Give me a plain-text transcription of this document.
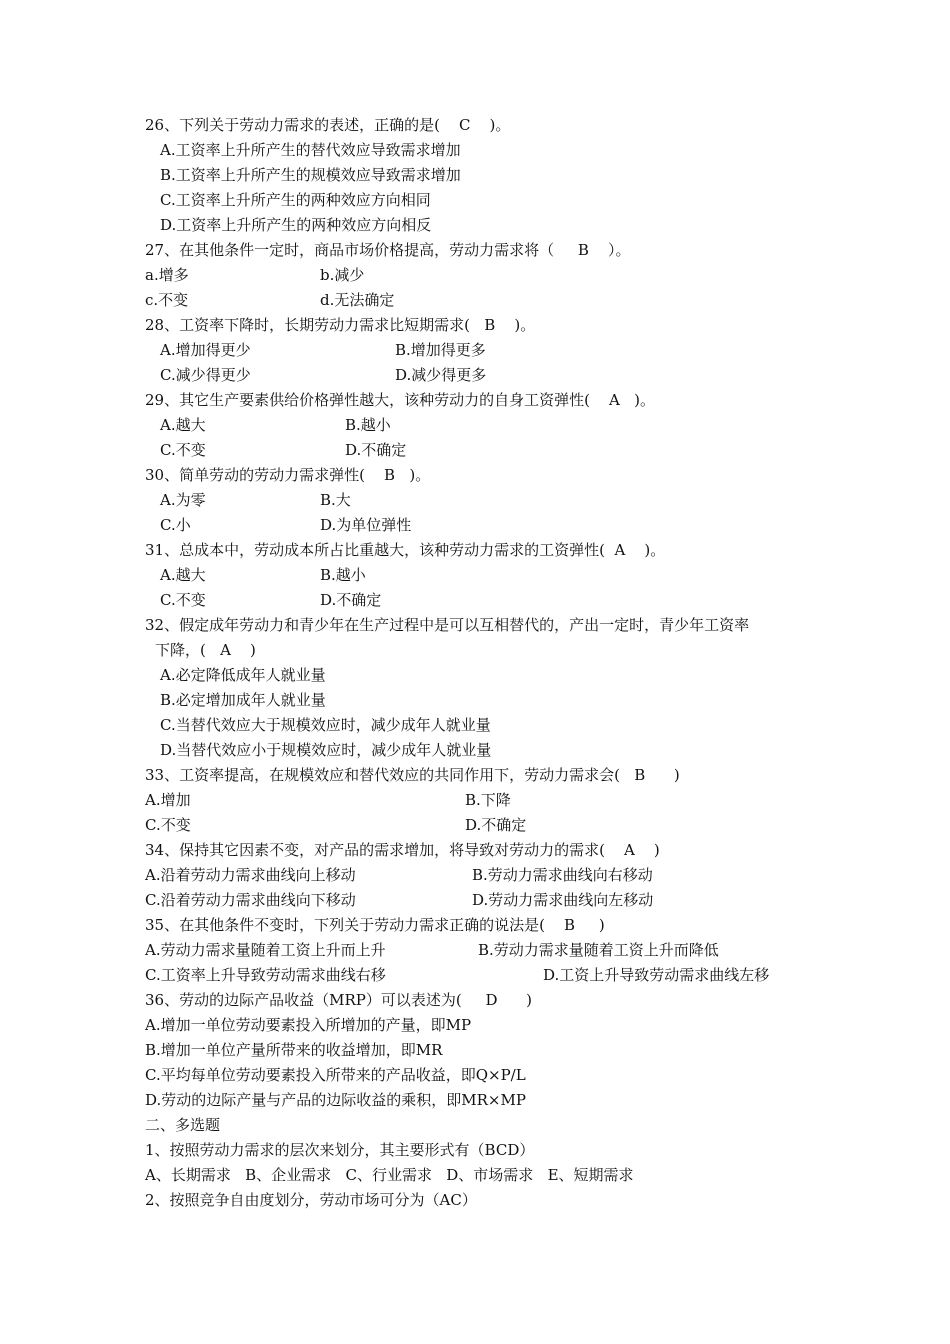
26、下列关于劳动力需求的表述，正确的是(    C    )。
A.工资率上升所产生的替代效应导致需求增加
B.工资率上升所产生的规模效应导致需求增加
C.工资率上升所产生的两种效应方向相同
D.工资率上升所产生的两种效应方向相反
27、在其他条件一定时，商品市场价格提高，劳动力需求将（     B    ）。
a.增多	b.减少
c.不变	d.无法确定
28、工资率下降时，长期劳动力需求比短期需求(   B    )。
A.增加得更少	B.增加得更多
C.减少得更少	D.减少得更多
29、其它生产要素供给价格弹性越大，该种劳动力的自身工资弹性(    A   )。
A.越大	B.越小
C.不变	D.不确定
30、简单劳动的劳动力需求弹性(    B   )。
A.为零	B.大
C.小	D.为单位弹性
31、总成本中，劳动成本所占比重越大，该种劳动力需求的工资弹性(  A    )。
A.越大	B.越小
C.不变	D.不确定
32、假定成年劳动力和青少年在生产过程中是可以互相替代的，产出一定时，青少年工资率
下降，(   A    )
A.必定降低成年人就业量
B.必定增加成年人就业量
C.当替代效应大于规模效应时，减少成年人就业量
D.当替代效应小于规模效应时，减少成年人就业量
33、工资率提高，在规模效应和替代效应的共同作用下，劳动力需求会(   B      )
A.增加	B.下降
C.不变	D.不确定
34、保持其它因素不变，对产品的需求增加，将导致对劳动力的需求(    A    )
A.沿着劳动力需求曲线向上移动	B.劳动力需求曲线向右移动
C.沿着劳动力需求曲线向下移动	D.劳动力需求曲线向左移动
35、在其他条件不变时，下列关于劳动力需求正确的说法是(    B     )
A.劳动力需求量随着工资上升而上升	B.劳动力需求量随着工资上升而降低
C.工资率上升导致劳动需求曲线右移	D.工资上升导致劳动需求曲线左移
36、劳动的边际产品收益（MRP）可以表述为(     D      )
A.增加一单位劳动要素投入所增加的产量，即MP
B.增加一单位产量所带来的收益增加，即MR
C.平均每单位劳动要素投入所带来的产品收益，即Q×P/L
D.劳动的边际产量与产品的边际收益的乘积，即MR×MP
二、多选题
1、按照劳动力需求的层次来划分，其主要形式有（BCD）
A、长期需求   B、企业需求   C、行业需求   D、市场需求   E、短期需求
2、按照竞争自由度划分，劳动市场可分为（AC）
